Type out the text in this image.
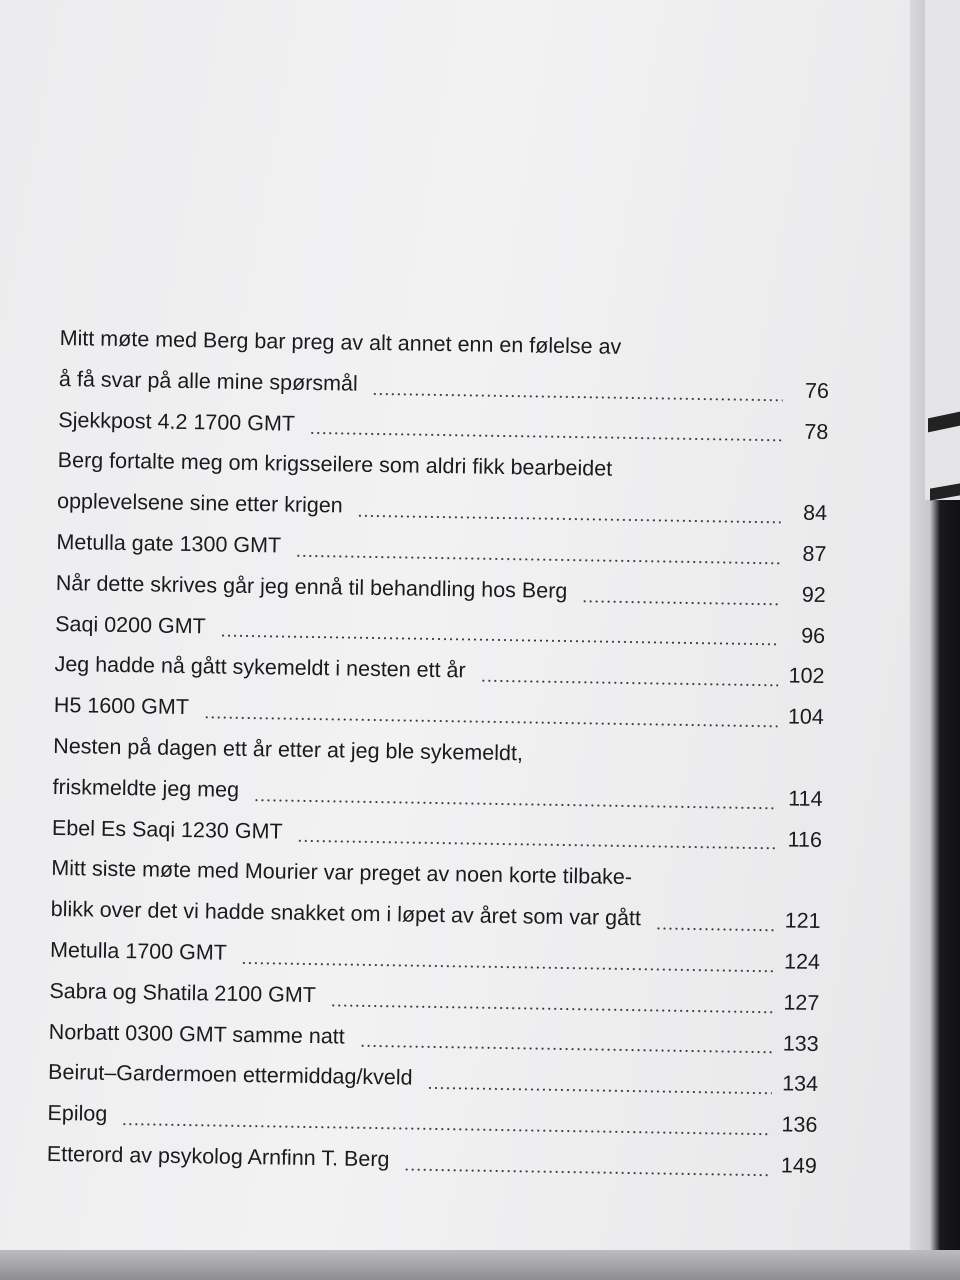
Mitt møte med Berg bar preg av alt annet enn en følelse av
å få svar på alle mine spørsmål	76
Sjekkpost 4.2 1700 GMT	78
Berg fortalte meg om krigsseilere som aldri fikk bearbeidet
opplevelsene sine etter krigen	84
Metulla gate 1300 GMT	87
Når dette skrives går jeg ennå til behandling hos Berg	92
Saqi 0200 GMT	96
Jeg hadde nå gått sykemeldt i nesten ett år	102
H5 1600 GMT	104
Nesten på dagen ett år etter at jeg ble sykemeldt,
friskmeldte jeg meg	114
Ebel Es Saqi 1230 GMT	116
Mitt siste møte med Mourier var preget av noen korte tilbake-
blikk over det vi hadde snakket om i løpet av året som var gått	121
Metulla 1700 GMT	124
Sabra og Shatila 2100 GMT	127
Norbatt 0300 GMT samme natt	133
Beirut–Gardermoen ettermiddag/kveld	134
Epilog	136
Etterord av psykolog Arnfinn T. Berg	149
